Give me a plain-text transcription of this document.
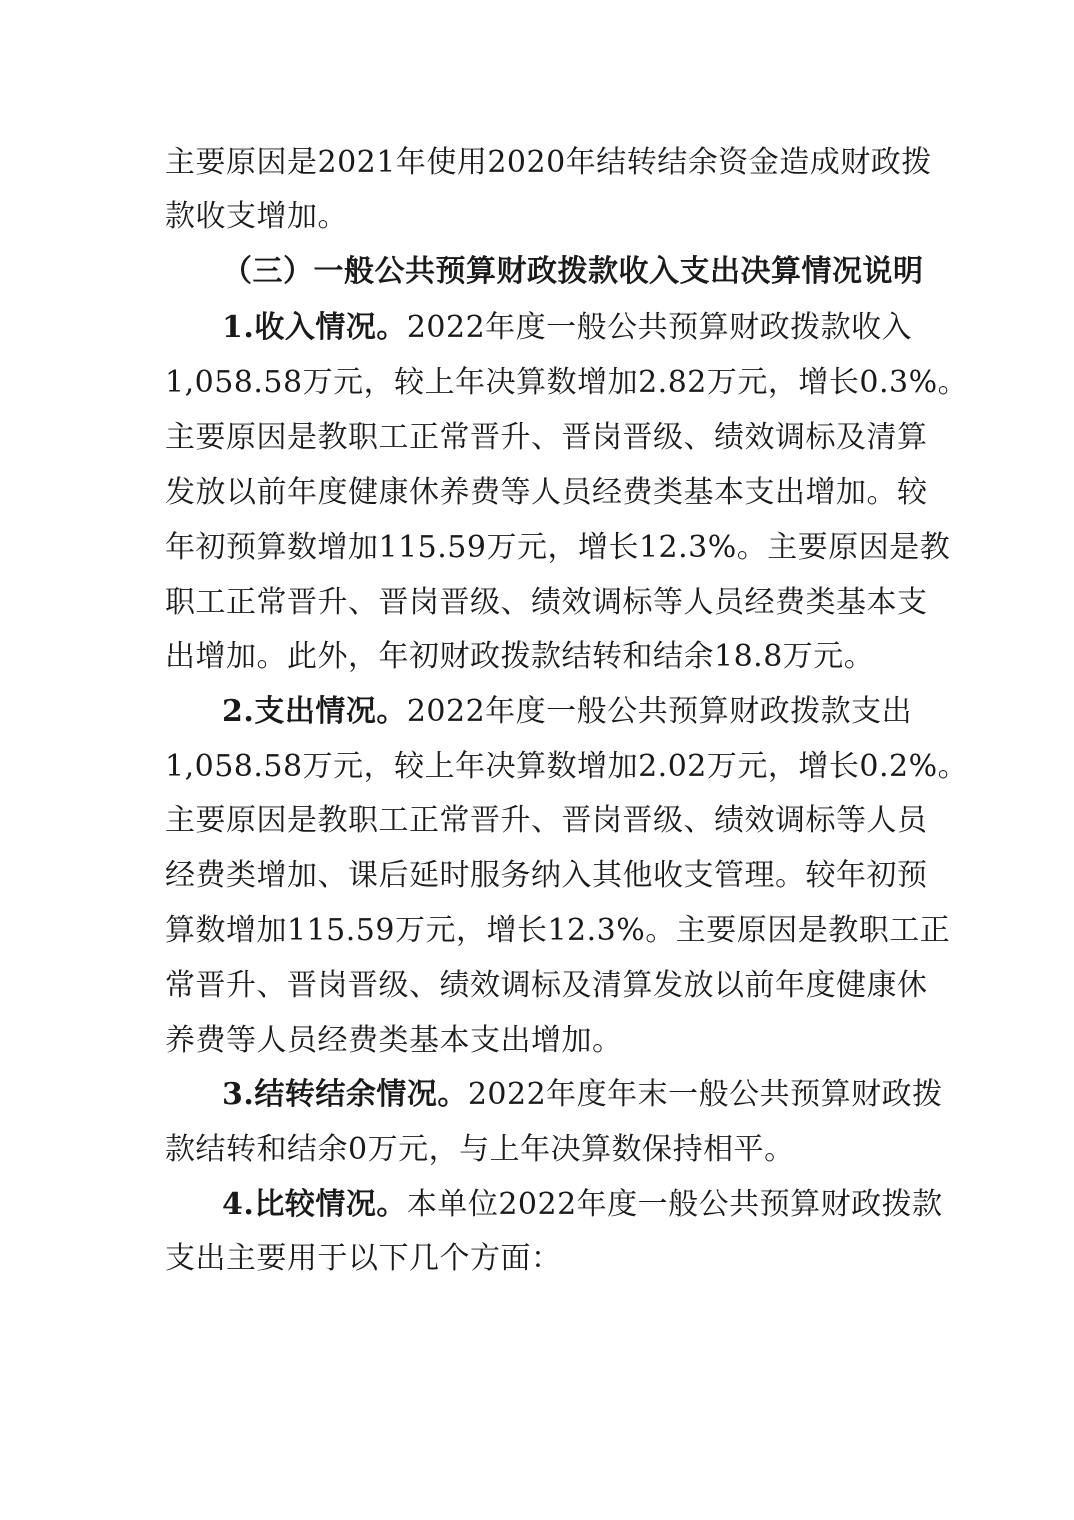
主要原因是2021年使用2020年结转结余资金造成财政拨
款收支增加。
（三）一般公共预算财政拨款收入支出决算情况说明
1.收入情况。2022年度一般公共预算财政拨款收入
1,058.58万元，较上年决算数增加2.82万元，增长0.3%。
主要原因是教职工正常晋升、晋岗晋级、绩效调标及清算
发放以前年度健康休养费等人员经费类基本支出增加。较
年初预算数增加115.59万元，增长12.3%。主要原因是教
职工正常晋升、晋岗晋级、绩效调标等人员经费类基本支
出增加。此外，年初财政拨款结转和结余18.8万元。
2.支出情况。2022年度一般公共预算财政拨款支出
1,058.58万元，较上年决算数增加2.02万元，增长0.2%。
主要原因是教职工正常晋升、晋岗晋级、绩效调标等人员
经费类增加、课后延时服务纳入其他收支管理。较年初预
算数增加115.59万元，增长12.3%。主要原因是教职工正
常晋升、晋岗晋级、绩效调标及清算发放以前年度健康休
养费等人员经费类基本支出增加。
3.结转结余情况。2022年度年末一般公共预算财政拨
款结转和结余0万元，与上年决算数保持相平。
4.比较情况。本单位2022年度一般公共预算财政拨款
支出主要用于以下几个方面：
